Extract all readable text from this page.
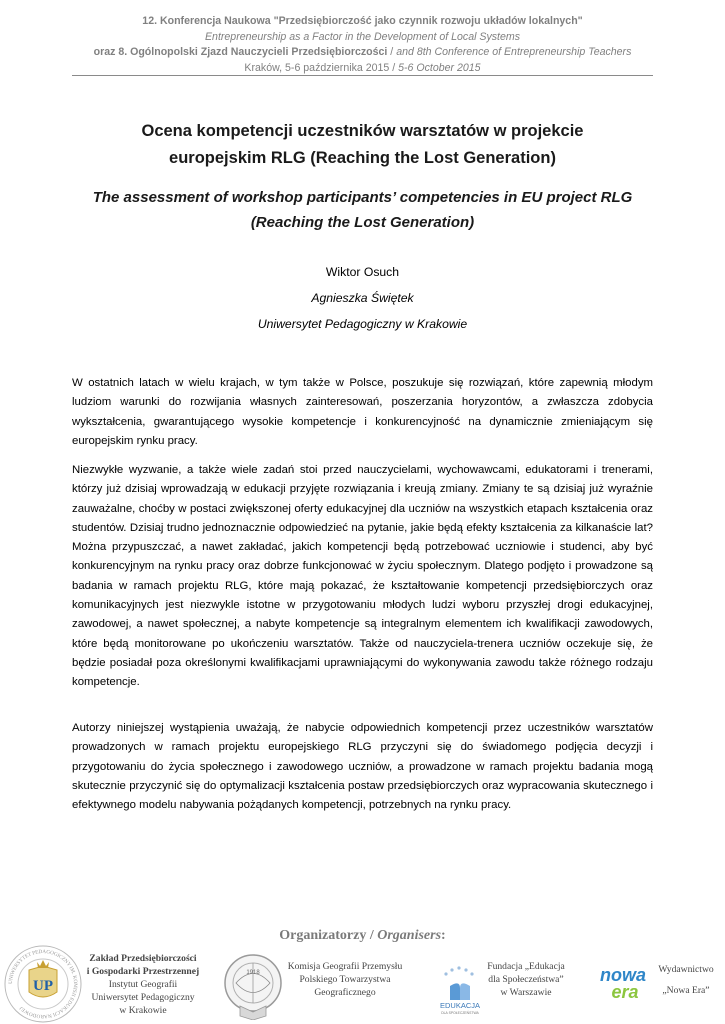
12. Konferencja Naukowa "Przedsiębiorczość jako czynnik rozwoju układów lokalnych"
Entrepreneurship as a Factor in the Development of Local Systems
oraz 8. Ogólnopolski Zjazd Nauczycieli Przedsiębiorczości / and 8th Conference of Entrepreneurship Teachers
Kraków, 5-6 października 2015 / 5-6 October 2015
Ocena kompetencji uczestników warsztatów w projekcie
europejskim RLG (Reaching the Lost Generation)
The assessment of workshop participants’ competencies in EU project RLG
(Reaching the Lost Generation)
Wiktor Osuch
Agnieszka Świętek
Uniwersytet Pedagogiczny w Krakowie
W ostatnich latach w wielu krajach, w tym także w Polsce, poszukuje się rozwiązań, które zapewnią młodym ludziom warunki do rozwijania własnych zainteresowań, poszerzania horyzontów, a zwłaszcza zdobycia wykształcenia, gwarantującego wysokie kompetencje i konkurencyjność na dynamicznie zmieniającym się europejskim rynku pracy.
Niezwykłe wyzwanie, a także wiele zadań stoi przed nauczycielami, wychowawcami, edukatorami i trenerami, którzy już dzisiaj wprowadzają w edukacji przyjęte rozwiązania i kreują zmiany. Zmiany te są dzisiaj już wyraźnie zauważalne, choćby w postaci zwiększonej oferty edukacyjnej dla uczniów na wszystkich etapach kształcenia oraz studentów. Dzisiaj trudno jednoznacznie odpowiedzieć na pytanie, jakie będą efekty kształcenia za kilkanaście lat? Można przypuszczać, a nawet zakładać, jakich kompetencji będą potrzebować uczniowie i studenci, aby być konkurencyjnym na rynku pracy oraz dobrze funkcjonować w życiu społecznym. Dlatego podjęto i prowadzone są badania w ramach projektu RLG, które mają pokazać, że kształtowanie kompetencji przedsiębiorczych oraz komunikacyjnych jest niezwykle istotne w przygotowaniu młodych ludzi wyboru przyszłej drogi edukacyjnej, zawodowej, a nawet społecznej, a nabyte kompetencje są integralnym elementem ich kwalifikacji zawodowych, które będą monitorowane po ukończeniu warsztatów. Także od nauczyciela-trenera uczniów oczekuje się, że będzie posiadał poza określonymi kwalifikacjami uprawniającymi do wykonywania zawodu także różnego rodzaju kompetencje.
Autorzy niniejszej wystąpienia uważają, że nabycie odpowiednich kompetencji przez uczestników warsztatów prowadzonych w ramach projektu europejskiego RLG przyczyni się do świadomego podjęcia decyzji i przygotowaniu do życia społecznego i zawodowego uczniów, a prowadzone w ramach projektu badania mogą skutecznie przyczynić się do optymalizacji kształcenia postaw przedsiębiorczych oraz wypracowania skutecznego i efektywnego modelu nabywania pożądanych kompetencji, potrzebnych na rynku pracy.
Organizatorzy / Organisers:
UNIWERSYTET PEDAGOGICZNY IM. KOMISJI EDUKACJI NARODOWEJ
UP
Zakład Przedsiębiorczości
i Gospodarki Przestrzennej
Instytut Geografii
Uniwersytet Pedagogiczny
w Krakowie
1918
Komisja Geografii Przemysłu
Polskiego Towarzystwa
Geograficznego
EDUKACJA
DLA SPOŁECZEŃSTWA
Fundacja „Edukacja
dla Społeczeństwa”
w Warszawie
nowa
era
Wydawnictwo
„Nowa Era”
